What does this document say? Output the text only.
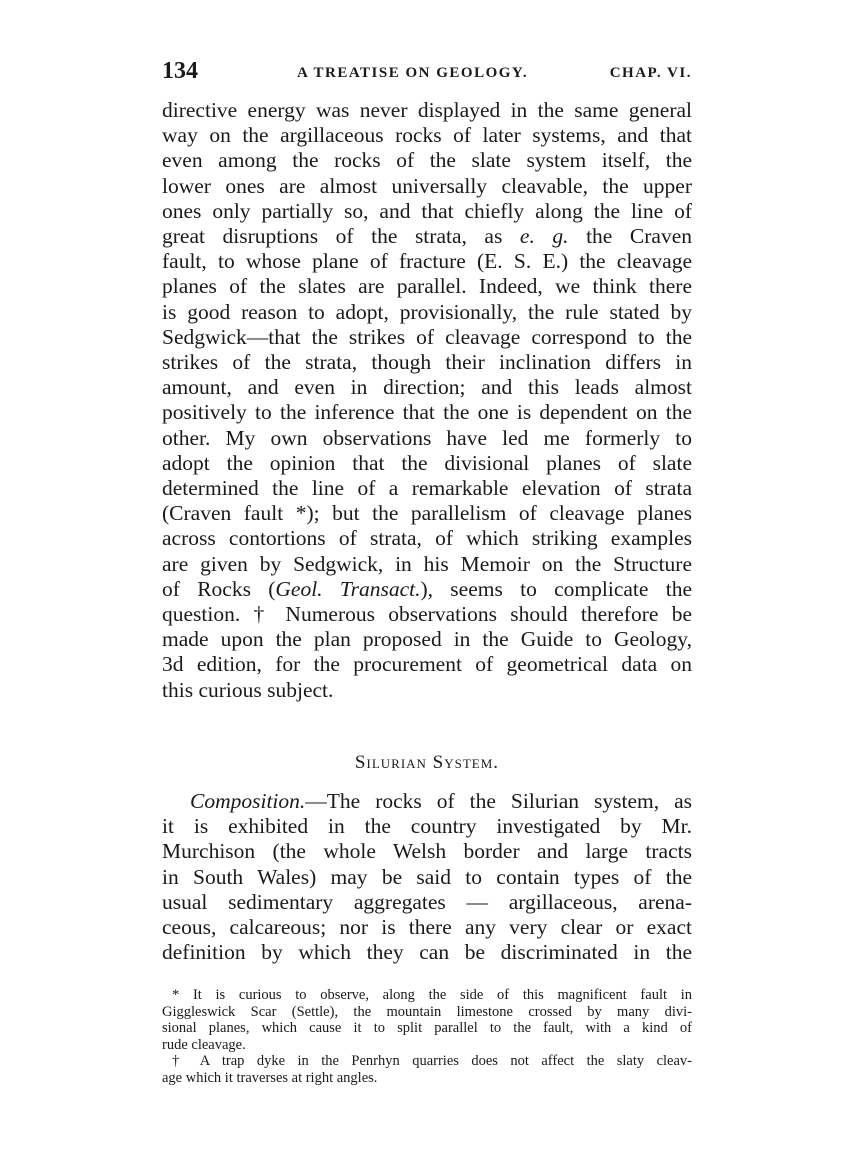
134	A TREATISE ON GEOLOGY.	CHAP. VI.
directive energy was never displayed in the same general
way on the argillaceous rocks of later systems, and that
even among the rocks of the slate system itself, the
lower ones are almost universally cleavable, the upper
ones only partially so, and that chiefly along the line of
great disruptions of the strata, as e. g. the Craven
fault, to whose plane of fracture (E. S. E.) the cleavage
planes of the slates are parallel. Indeed, we think there
is good reason to adopt, provisionally, the rule stated by
Sedgwick—that the strikes of cleavage correspond to the
strikes of the strata, though their inclination differs in
amount, and even in direction; and this leads almost
positively to the inference that the one is dependent on the
other. My own observations have led me formerly to
adopt the opinion that the divisional planes of slate
determined the line of a remarkable elevation of strata
(Craven fault *); but the parallelism of cleavage planes
across contortions of strata, of which striking examples
are given by Sedgwick, in his Memoir on the Structure
of Rocks (Geol. Transact.), seems to complicate the
question. † Numerous observations should therefore be
made upon the plan proposed in the Guide to Geology,
3d edition, for the procurement of geometrical data on
this curious subject.
Silurian System.
Composition.—The rocks of the Silurian system, as
it is exhibited in the country investigated by Mr.
Murchison (the whole Welsh border and large tracts
in South Wales) may be said to contain types of the
usual sedimentary aggregates — argillaceous, arena-
ceous, calcareous; nor is there any very clear or exact
definition by which they can be discriminated in the
* It is curious to observe, along the side of this magnificent fault in
Giggleswick Scar (Settle), the mountain limestone crossed by many divi-
sional planes, which cause it to split parallel to the fault, with a kind of
rude cleavage.
† A trap dyke in the Penrhyn quarries does not affect the slaty cleav-
age which it traverses at right angles.
